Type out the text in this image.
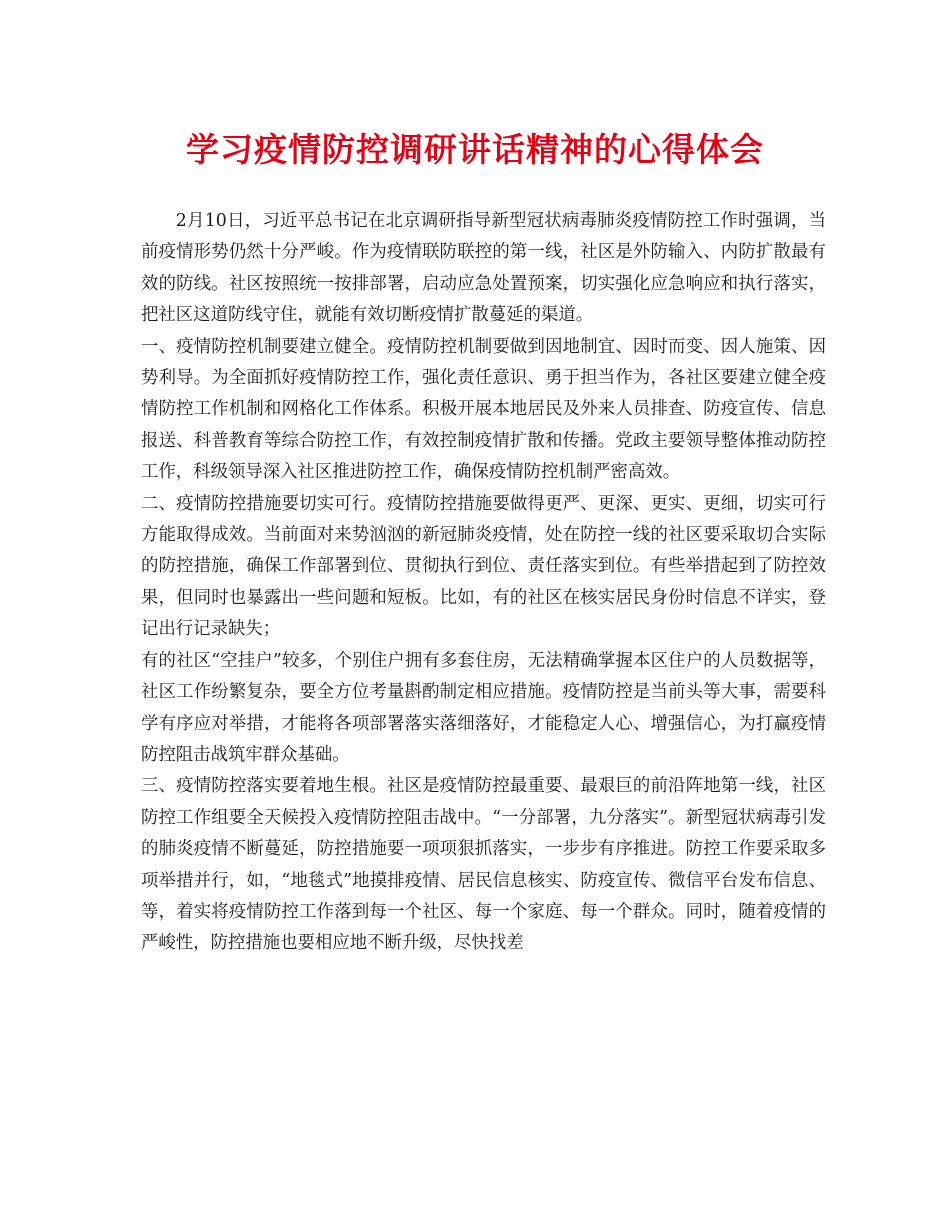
学习疫情防控调研讲话精神的心得体会

2月10日，习近平总书记在北京调研指导新型冠状病毒肺炎疫情防控工作时强调，当前疫情形势仍然十分严峻。作为疫情联防联控的第一线，社区是外防输入、内防扩散最有效的防线。社区按照统一按排部署，启动应急处置预案，切实强化应急响应和执行落实，把社区这道防线守住，就能有效切断疫情扩散蔓延的渠道。

一、疫情防控机制要建立健全。疫情防控机制要做到因地制宜、因时而变、因人施策、因势利导。为全面抓好疫情防控工作，强化责任意识、勇于担当作为，各社区要建立健全疫情防控工作机制和网格化工作体系。积极开展本地居民及外来人员排查、防疫宣传、信息报送、科普教育等综合防控工作，有效控制疫情扩散和传播。党政主要领导整体推动防控工作，科级领导深入社区推进防控工作，确保疫情防控机制严密高效。

二、疫情防控措施要切实可行。疫情防控措施要做得更严、更深、更实、更细，切实可行方能取得成效。当前面对来势汹汹的新冠肺炎疫情，处在防控一线的社区要采取切合实际的防控措施，确保工作部署到位、贯彻执行到位、责任落实到位。有些举措起到了防控效果，但同时也暴露出一些问题和短板。比如，有的社区在核实居民身份时信息不详实，登记出行记录缺失；

有的社区“空挂户”较多，个别住户拥有多套住房，无法精确掌握本区住户的人员数据等，社区工作纷繁复杂，要全方位考量斟酌制定相应措施。疫情防控是当前头等大事，需要科学有序应对举措，才能将各项部署落实落细落好，才能稳定人心、增强信心，为打赢疫情防控阻击战筑牢群众基础。

三、疫情防控落实要着地生根。社区是疫情防控最重要、最艰巨的前沿阵地第一线，社区防控工作组要全天候投入疫情防控阻击战中。“一分部署，九分落实”。新型冠状病毒引发的肺炎疫情不断蔓延，防控措施要一项项狠抓落实，一步步有序推进。防控工作要采取多项举措并行，如，“地毯式”地摸排疫情、居民信息核实、防疫宣传、微信平台发布信息、等，着实将疫情防控工作落到每一个社区、每一个家庭、每一个群众。同时，随着疫情的严峻性，防控措施也要相应地不断升级，尽快找差
